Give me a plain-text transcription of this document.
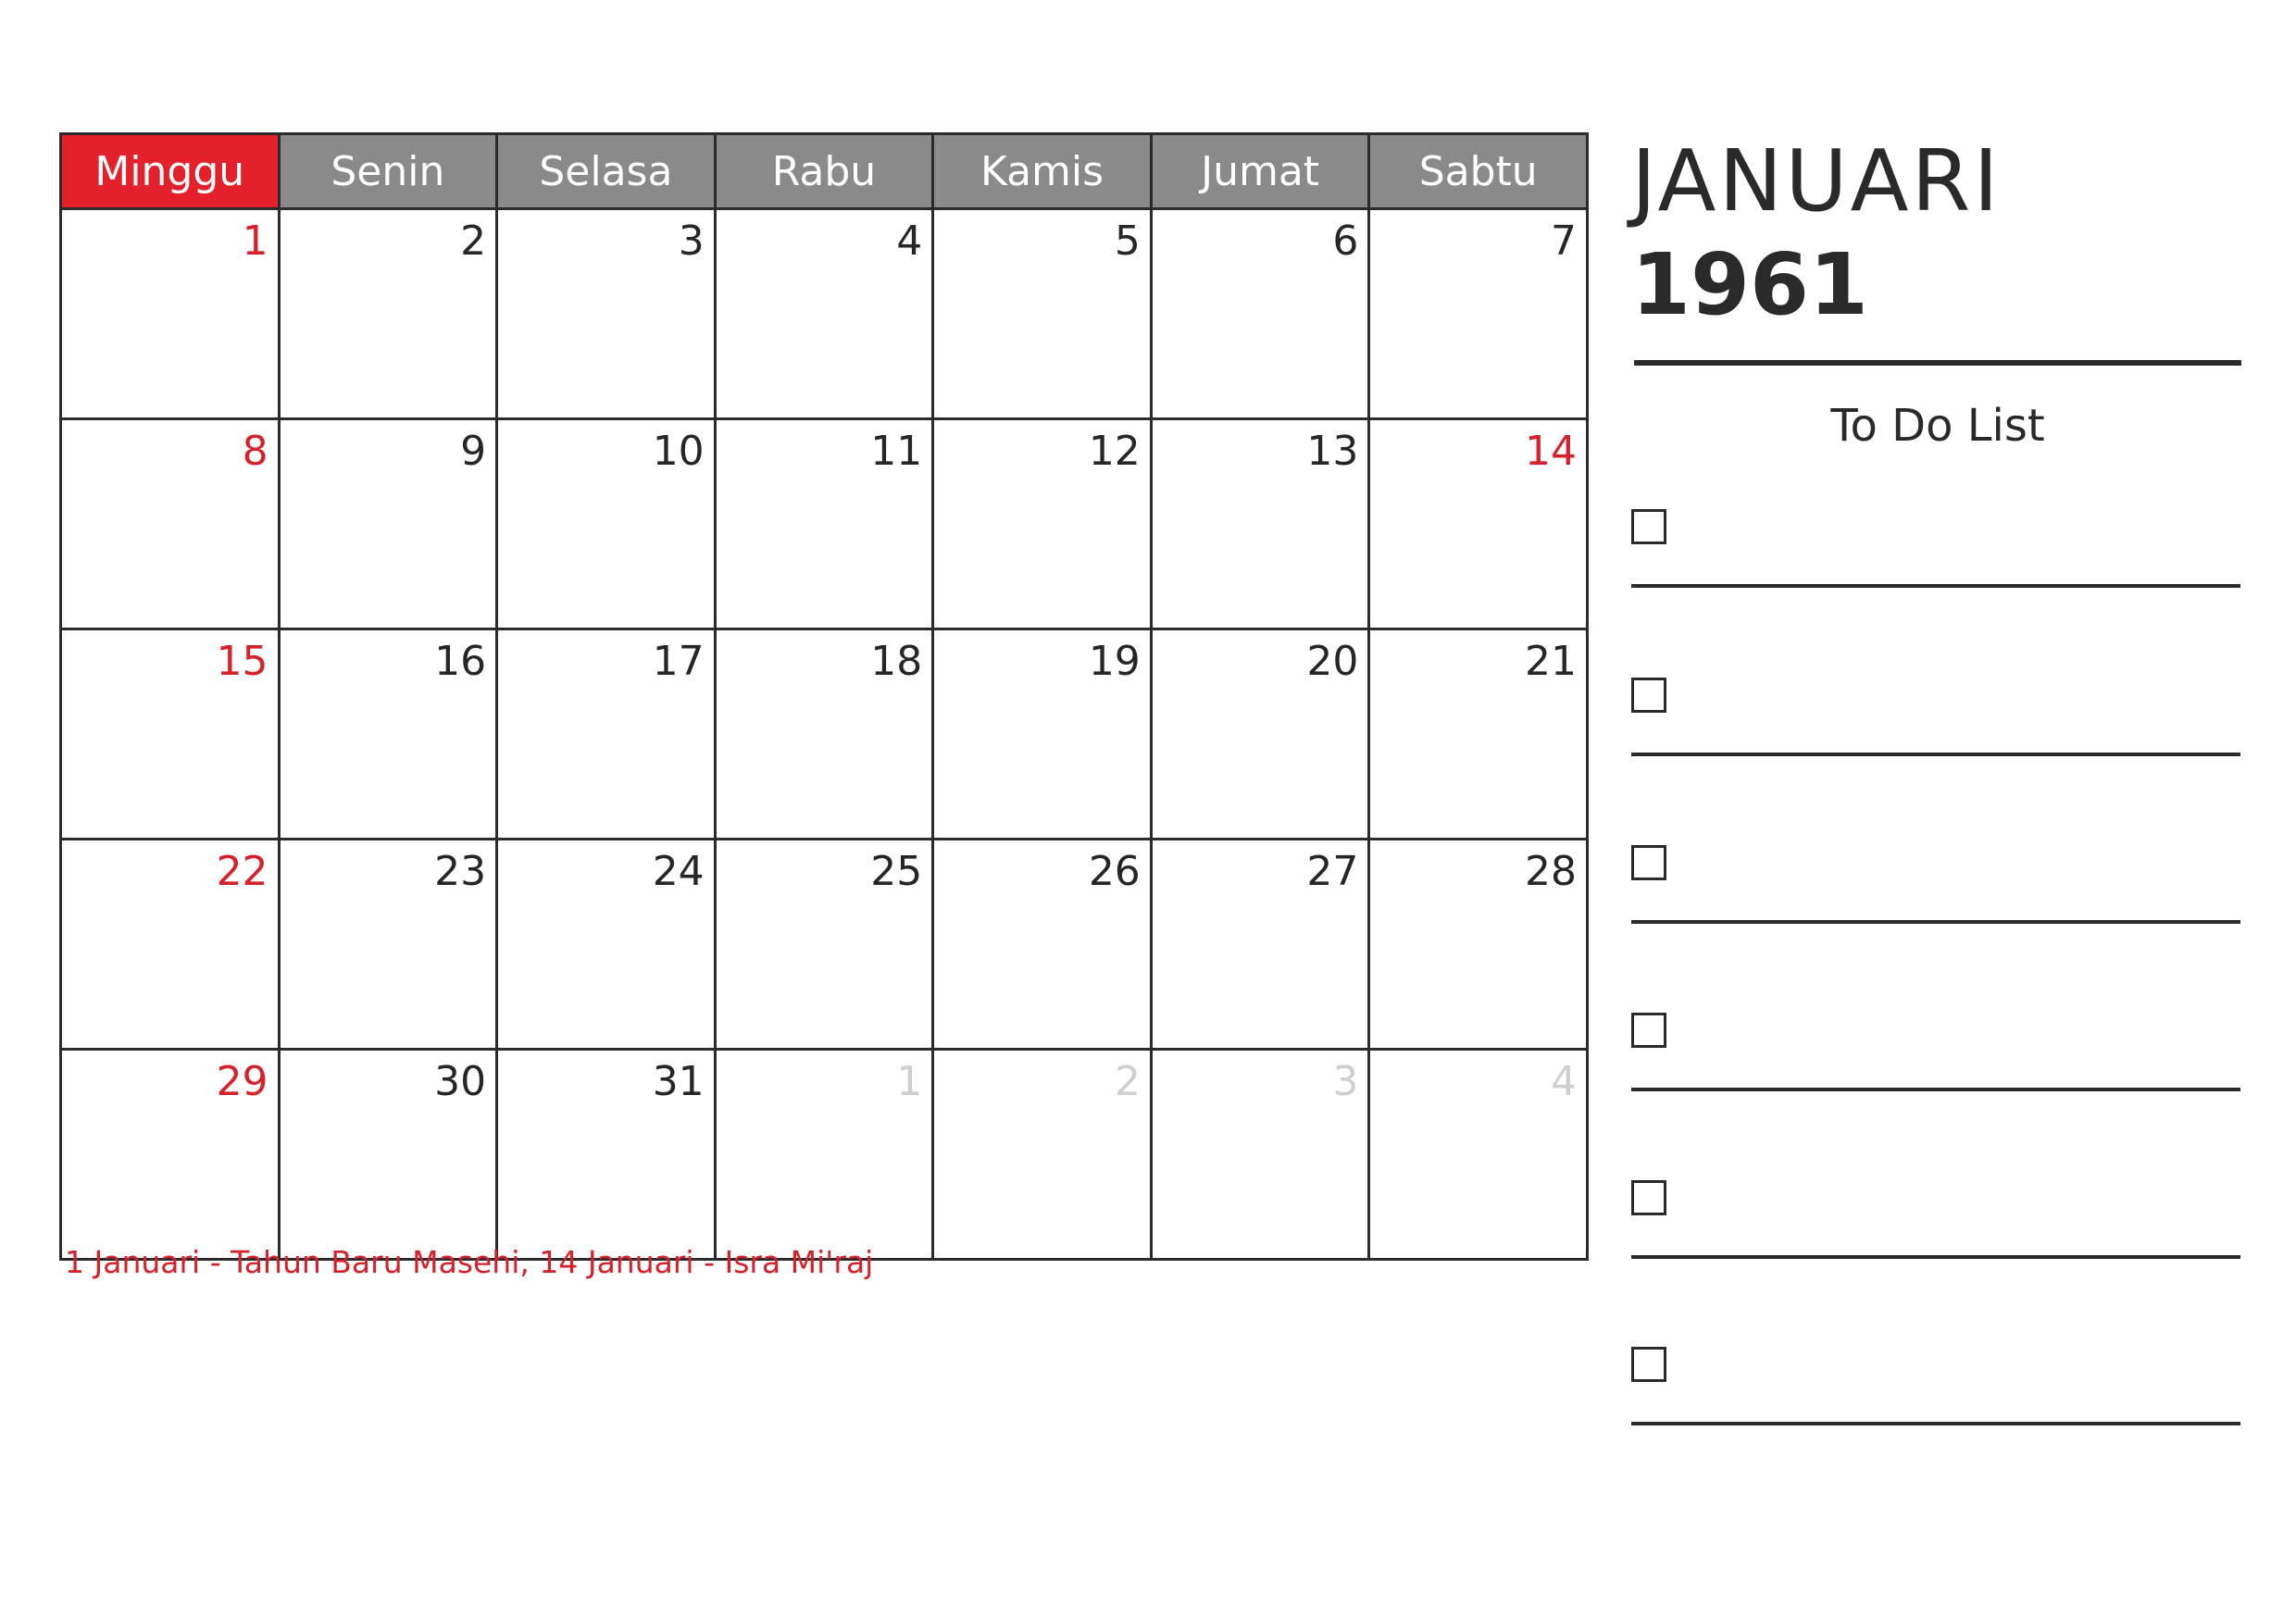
Minggu	Senin	Selasa	Rabu	Kamis	Jumat	Sabtu
1	2	3	4	5	6	7
8	9	10	11	12	13	14
15	16	17	18	19	20	21
22	23	24	25	26	27	28
29	30	31	1	2	3	4
1 Januari - Tahun Baru Masehi, 14 Januari - Isra Mi'raj
JANUARI
1961
To Do List
